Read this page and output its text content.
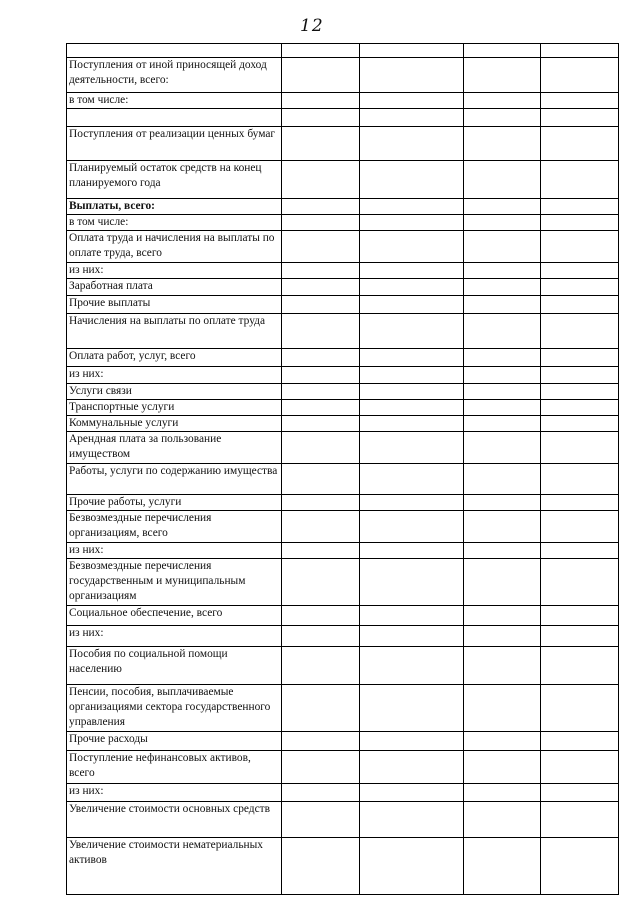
12

Поступления от иной приносящей доход деятельности, всего:				
в том числе:				

Поступления от реализации ценных бумаг				
Планируемый остаток средств на конец планируемого года				
Выплаты, всего:				
в том числе:				
Оплата труда и начисления на выплаты по оплате труда, всего				
из них:				
Заработная плата				
Прочие выплаты				
Начисления на выплаты по оплате труда				
Оплата работ, услуг, всего				
из них:				
Услуги связи				
Транспортные услуги				
Коммунальные услуги				
Арендная плата за пользование имуществом				
Работы, услуги по содержанию имущества				
Прочие работы, услуги				
Безвозмездные перечисления организациям, всего				
из них:				
Безвозмездные перечисления государственным и муниципальным организациям				
Социальное обеспечение, всего				
из них:				
Пособия по социальной помощи населению				
Пенсии, пособия, выплачиваемые организациями сектора государственного управления				
Прочие расходы				
Поступление нефинансовых активов, всего				
из них:				
Увеличение стоимости основных средств				
Увеличение стоимости нематериальных активов				
